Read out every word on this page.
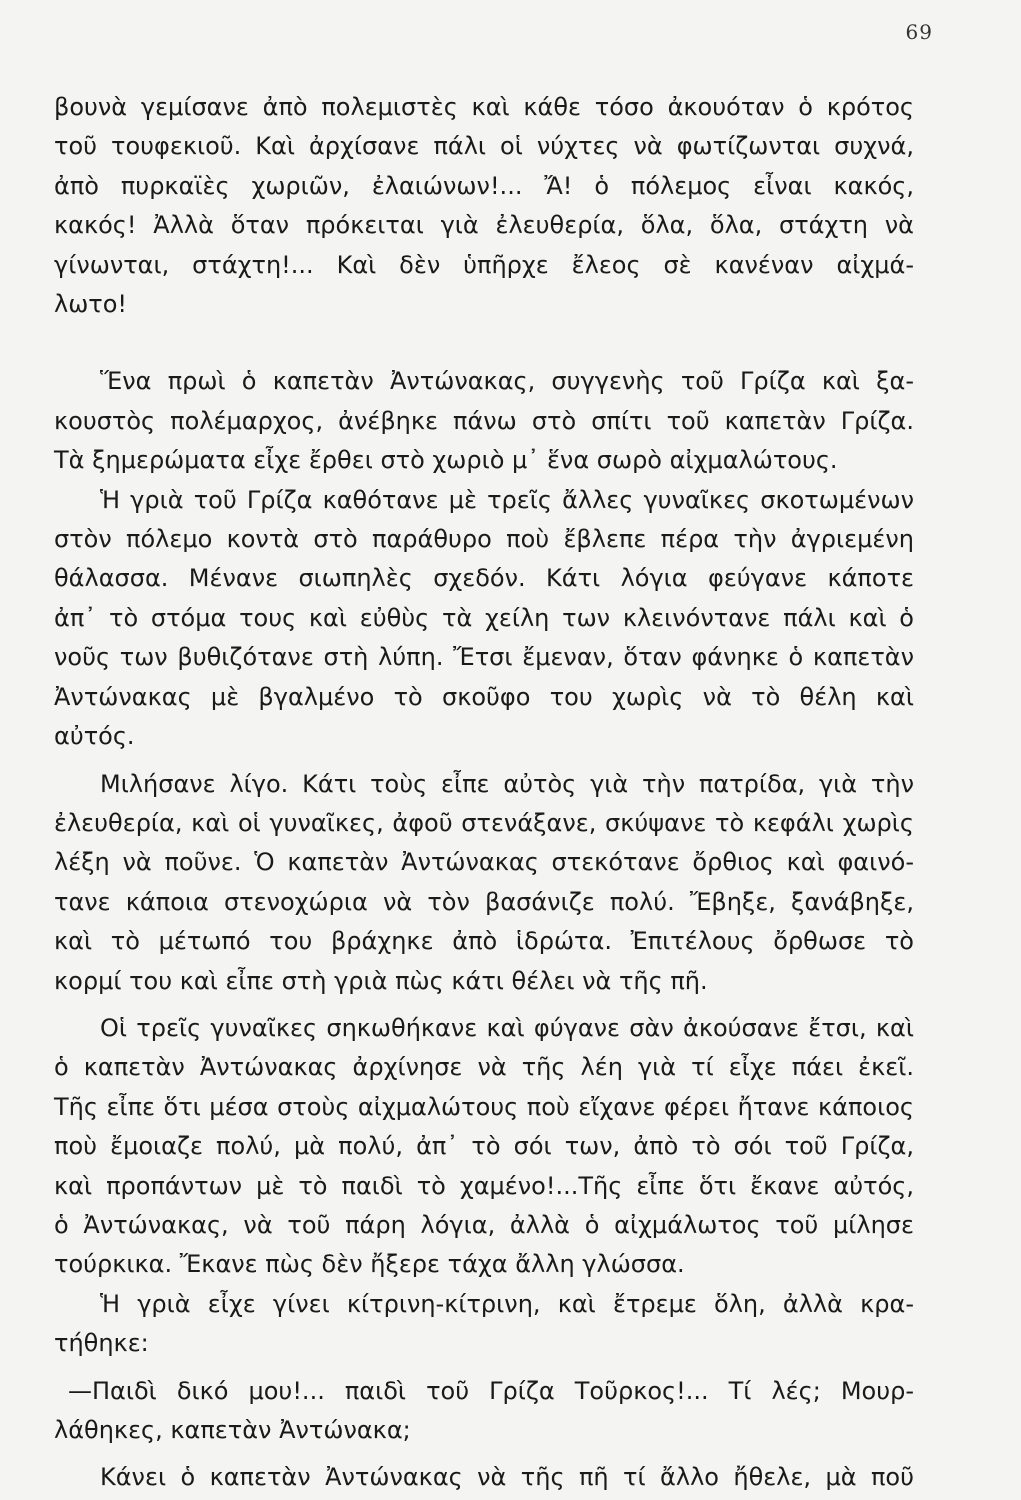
69

βουνὰ γεμίσανε ἀπὸ πολεμιστὲς καὶ κάθε τόσο ἀκουόταν ὁ κρότος
τοῦ τουφεκιοῦ. Καὶ ἀρχίσανε πάλι οἱ νύχτες νὰ φωτίζωνται συχνά,
ἀπὸ πυρκαϊὲς χωριῶν, ἐλαιώνων!... Ἄ! ὁ πόλεμος εἶναι κακός,
κακός! Ἀλλὰ ὅταν πρόκειται γιὰ ἐλευθερία, ὅλα, ὅλα, στάχτη νὰ
γίνωνται, στάχτη!... Καὶ δὲν ὑπῆρχε ἔλεος σὲ κανέναν αἰχμά-
λωτο!

Ἕνα πρωὶ ὁ καπετὰν Ἀντώνακας, συγγενὴς τοῦ Γρίζα καὶ ξα-
κουστὸς πολέμαρχος, ἀνέβηκε πάνω στὸ σπίτι τοῦ καπετὰν Γρίζα.
Τὰ ξημερώματα εἶχε ἔρθει στὸ χωριὸ μ᾿ ἕνα σωρὸ αἰχμαλώτους.

Ἡ γριὰ τοῦ Γρίζα καθότανε μὲ τρεῖς ἄλλες γυναῖκες σκοτωμένων
στὸν πόλεμο κοντὰ στὸ παράθυρο ποὺ ἔβλεπε πέρα τὴν ἀγριεμένη
θάλασσα. Μένανε σιωπηλὲς σχεδόν. Κάτι λόγια φεύγανε κάποτε
ἀπ᾿ τὸ στόμα τους καὶ εὐθὺς τὰ χείλη των κλεινόντανε πάλι καὶ ὁ
νοῦς των βυθιζότανε στὴ λύπη. Ἔτσι ἔμεναν, ὅταν φάνηκε ὁ καπετὰν
Ἀντώνακας μὲ βγαλμένο τὸ σκοῦφο του χωρὶς νὰ τὸ θέλη καὶ
αὐτός.

Μιλήσανε λίγο. Κάτι τοὺς εἶπε αὐτὸς γιὰ τὴν πατρίδα, γιὰ τὴν
ἐλευθερία, καὶ οἱ γυναῖκες, ἀφοῦ στενάξανε, σκύψανε τὸ κεφάλι χωρὶς
λέξη νὰ ποῦνε. Ὁ καπετὰν Ἀντώνακας στεκότανε ὄρθιος καὶ φαινό-
τανε κάποια στενοχώρια νὰ τὸν βασάνιζε πολύ. Ἔβηξε, ξανάβηξε,
καὶ τὸ μέτωπό του βράχηκε ἀπὸ ἱδρώτα. Ἐπιτέλους ὄρθωσε τὸ
κορμί του καὶ εἶπε στὴ γριὰ πὼς κάτι θέλει νὰ τῆς πῆ.

Οἱ τρεῖς γυναῖκες σηκωθήκανε καὶ φύγανε σὰν ἀκούσανε ἔτσι, καὶ
ὁ καπετὰν Ἀντώνακας ἀρχίνησε νὰ τῆς λέη γιὰ τί εἶχε πάει ἐκεῖ.
Τῆς εἶπε ὅτι μέσα στοὺς αἰχμαλώτους ποὺ εἴχανε φέρει ἤτανε κάποιος
ποὺ ἔμοιαζε πολύ, μὰ πολύ, ἀπ᾿ τὸ σόι των, ἀπὸ τὸ σόι τοῦ Γρίζα,
καὶ προπάντων μὲ τὸ παιδὶ τὸ χαμένο!...Τῆς εἶπε ὅτι ἔκανε αὐτός,
ὁ Ἀντώνακας, νὰ τοῦ πάρη λόγια, ἀλλὰ ὁ αἰχμάλωτος τοῦ μίλησε
τούρκικα. Ἔκανε πὼς δὲν ἤξερε τάχα ἄλλη γλώσσα.

Ἡ γριὰ εἶχε γίνει κίτρινη-κίτρινη, καὶ ἔτρεμε ὅλη, ἀλλὰ κρα-
τήθηκε:

—Παιδὶ δικό μου!... παιδὶ τοῦ Γρίζα Τοῦρκος!... Τί λές; Μουρ-
λάθηκες, καπετὰν Ἀντώνακα;

Κάνει ὁ καπετὰν Ἀντώνακας νὰ τῆς πῆ τί ἄλλο ἤθελε, μὰ ποῦ
